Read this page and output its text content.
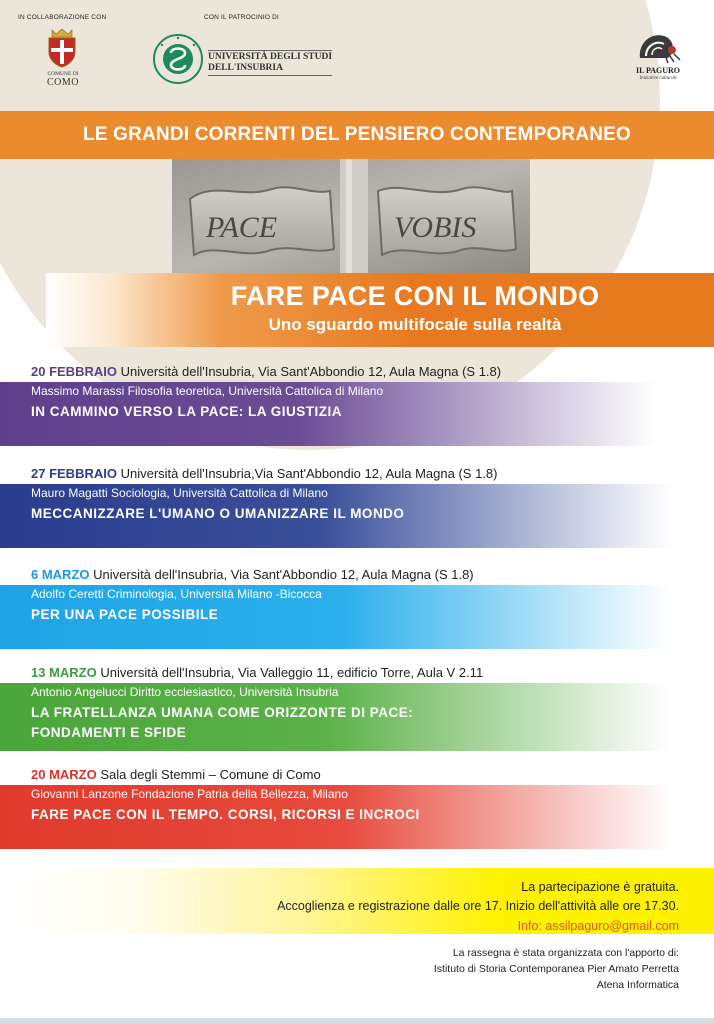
IN COLLABORAZIONE CON	CON IL PATROCINIO DI
COMUNE DI
COMO
UNIVERSITÀ DEGLI STUDI
DELL'INSUBRIA	IL PAGURO
Iniziative culturali
LE GRANDI CORRENTI DEL PENSIERO CONTEMPORANEO
PACE	VOBIS
FARE PACE CON IL MONDO
Uno sguardo multifocale sulla realtà
20 FEBBRAIO Università dell'Insubria, Via Sant'Abbondio 12, Aula Magna (S 1.8)
Massimo Marassi Filosofia teoretica, Università Cattolica di Milano
IN CAMMINO VERSO LA PACE: LA GIUSTIZIA
27 FEBBRAIO Università dell'Insubria,Via Sant'Abbondio 12, Aula Magna (S 1.8)
Mauro Magatti Sociologia, Università Cattolica di Milano
MECCANIZZARE L'UMANO O UMANIZZARE IL MONDO
6 MARZO Università dell'Insubria, Via Sant'Abbondio 12, Aula Magna (S 1.8)
Adolfo Ceretti Criminologia, Università Milano -Bicocca
PER UNA PACE POSSIBILE
13 MARZO Università dell'Insubria, Via Valleggio 11, edificio Torre, Aula V 2.11
Antonio Angelucci Diritto ecclesiastico, Università Insubria
LA FRATELLANZA UMANA COME ORIZZONTE DI PACE:
FONDAMENTI E SFIDE
20 MARZO Sala degli Stemmi – Comune di Como
Giovanni Lanzone Fondazione Patria della Bellezza, Milano
FARE PACE CON IL TEMPO. CORSI, RICORSI E INCROCI
La partecipazione è gratuita.
Accoglienza e registrazione dalle ore 17. Inizio dell'attività alle ore 17.30.
Info: assilpaguro@gmail.com
La rassegna è stata organizzata con l'apporto di:
Istituto di Storia Contemporanea Pier Amato Perretta
Atena Informatica
